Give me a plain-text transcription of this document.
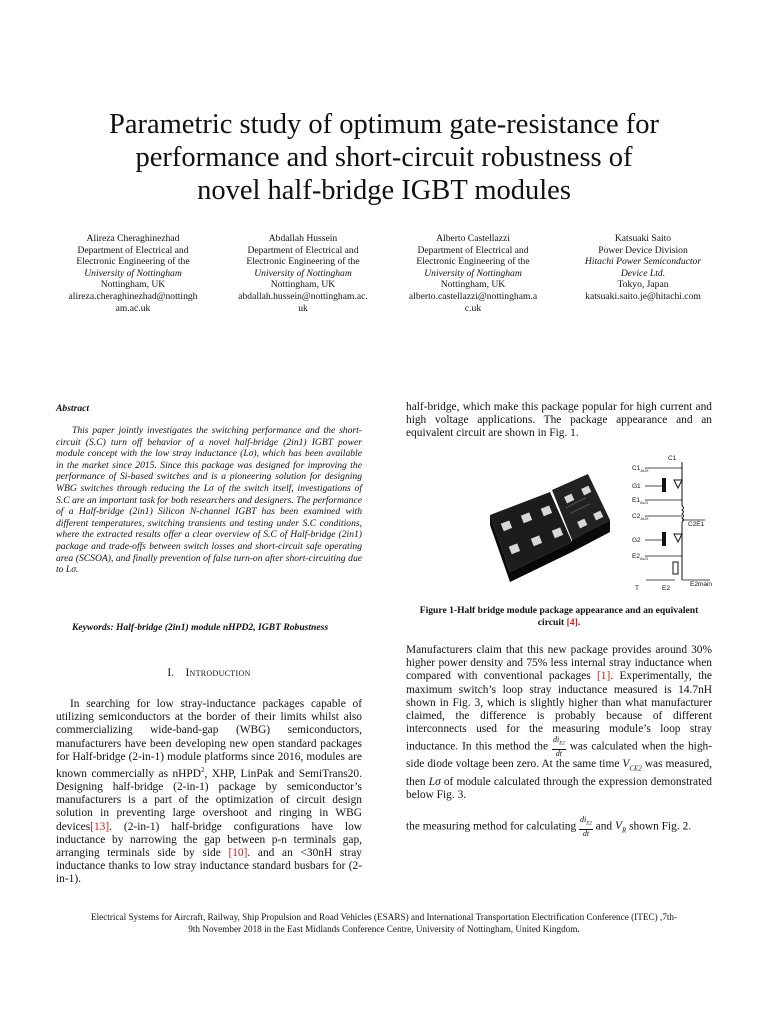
Parametric study of optimum gate-resistance for
performance and short-circuit robustness of
novel half-bridge IGBT modules
Alireza Cheraghinezhad
Department of Electrical and
Electronic Engineering of the
University of Nottingham
Nottingham, UK
alireza.cheraghinezhad@nottingh
am.ac.uk
Abdallah Hussein
Department of Electrical and
Electronic Engineering of the
University of Nottingham
Nottingham, UK
abdallah.hussein@nottingham.ac.
uk
Alberto Castellazzi
Department of Electrical and
Electronic Engineering of the
University of Nottingham
Nottingham, UK
alberto.castellazzi@nottingham.a
c.uk
Katsuaki Saito
Power Device Division
Hitachi Power Semiconductor
Device Ltd.
Tokyo, Japan
katsuaki.saito.je@hitachi.com
Abstract
This paper jointly investigates the switching performance and the short-circuit (S.C) turn off behavior of a novel half-bridge (2in1) IGBT power module concept with the low stray inductance (Lσ), which has been available in the market since 2015. Since this package was designed for improving the performance of Si-based switches and is a pioneering solution for designing WBG switches through reducing the Lσ of the switch itself, investigations of S.C are an important task for both researchers and designers. The performance of a Half-bridge (2in1) Silicon N-channel IGBT has been examined with different temperatures, switching transients and testing under S.C conditions, where the extracted results offer a clear overview of S.C of Half-bridge (2in1) package and trade-offs between switch losses and short-circuit safe operating area (SCSOA), and finally prevention of false turn-on after short-circuiting due to Lσ.
Keywords: Half-bridge (2in1) module nHPD2, IGBT Robustness
I. Introduction
In searching for low stray-inductance packages capable of utilizing semiconductors at the border of their limits whilst also commercializing wide-band-gap (WBG) semiconductors, manufacturers have been developing new open standard packages for Half-bridge (2-in-1) module platforms since 2016, modules are known commercially as nHPD$^2$, XHP, LinPak and SemiTrans20. Designing half-bridge (2-in-1) package by semiconductor’s manufacturers is a part of the optimization of circuit design solution in preventing large overshoot and ringing in WBG devices[13]. (2-in-1) half-bridge configurations have low inductance by narrowing the gap between p-n terminals gap, arranging terminals side by side [10]. and an <30nH stray inductance thanks to low stray inductance standard busbars for (2-in-1).
half-bridge, which make this package popular for high current and high voltage applications. The package appearance and an equivalent circuit are shown in Fig. 1.
$C1_{AUX}$
C1
G1
$E1_{AUX}$
$C2_{AUX}$
C2E1
G2
$E2_{AUX}$
T	E2
E2main
Figure 1-Half bridge module package appearance and an equivalent circuit [4].
Manufacturers claim that this new package provides around 30% higher power density and 75% less internal stray inductance when compared with conventional packages [1]. Experimentally, the maximum switch’s loop stray inductance measured is 14.7nH shown in Fig. 3, which is slightly higher than what manufacturer claimed, the difference is probably because of different interconnects used for the measuring module’s loop stray inductance. In this method the $\frac{di_{E2}}{dt}$ was calculated when the high-side diode voltage been zero. At the same time $V_{CE2}$ was measured, then Lσ of module calculated through the expression demonstrated below Fig. 3.
the measuring method for calculating $\frac{di_{E2}}{dt}$ and $V_R$ shown Fig. 2.
Electrical Systems for Aircraft, Railway, Ship Propulsion and Road Vehicles (ESARS) and International Transportation Electrification Conference (ITEC) ,7th-
9th November 2018 in the East Midlands Conference Centre, University of Nottingham, United Kingdom.
